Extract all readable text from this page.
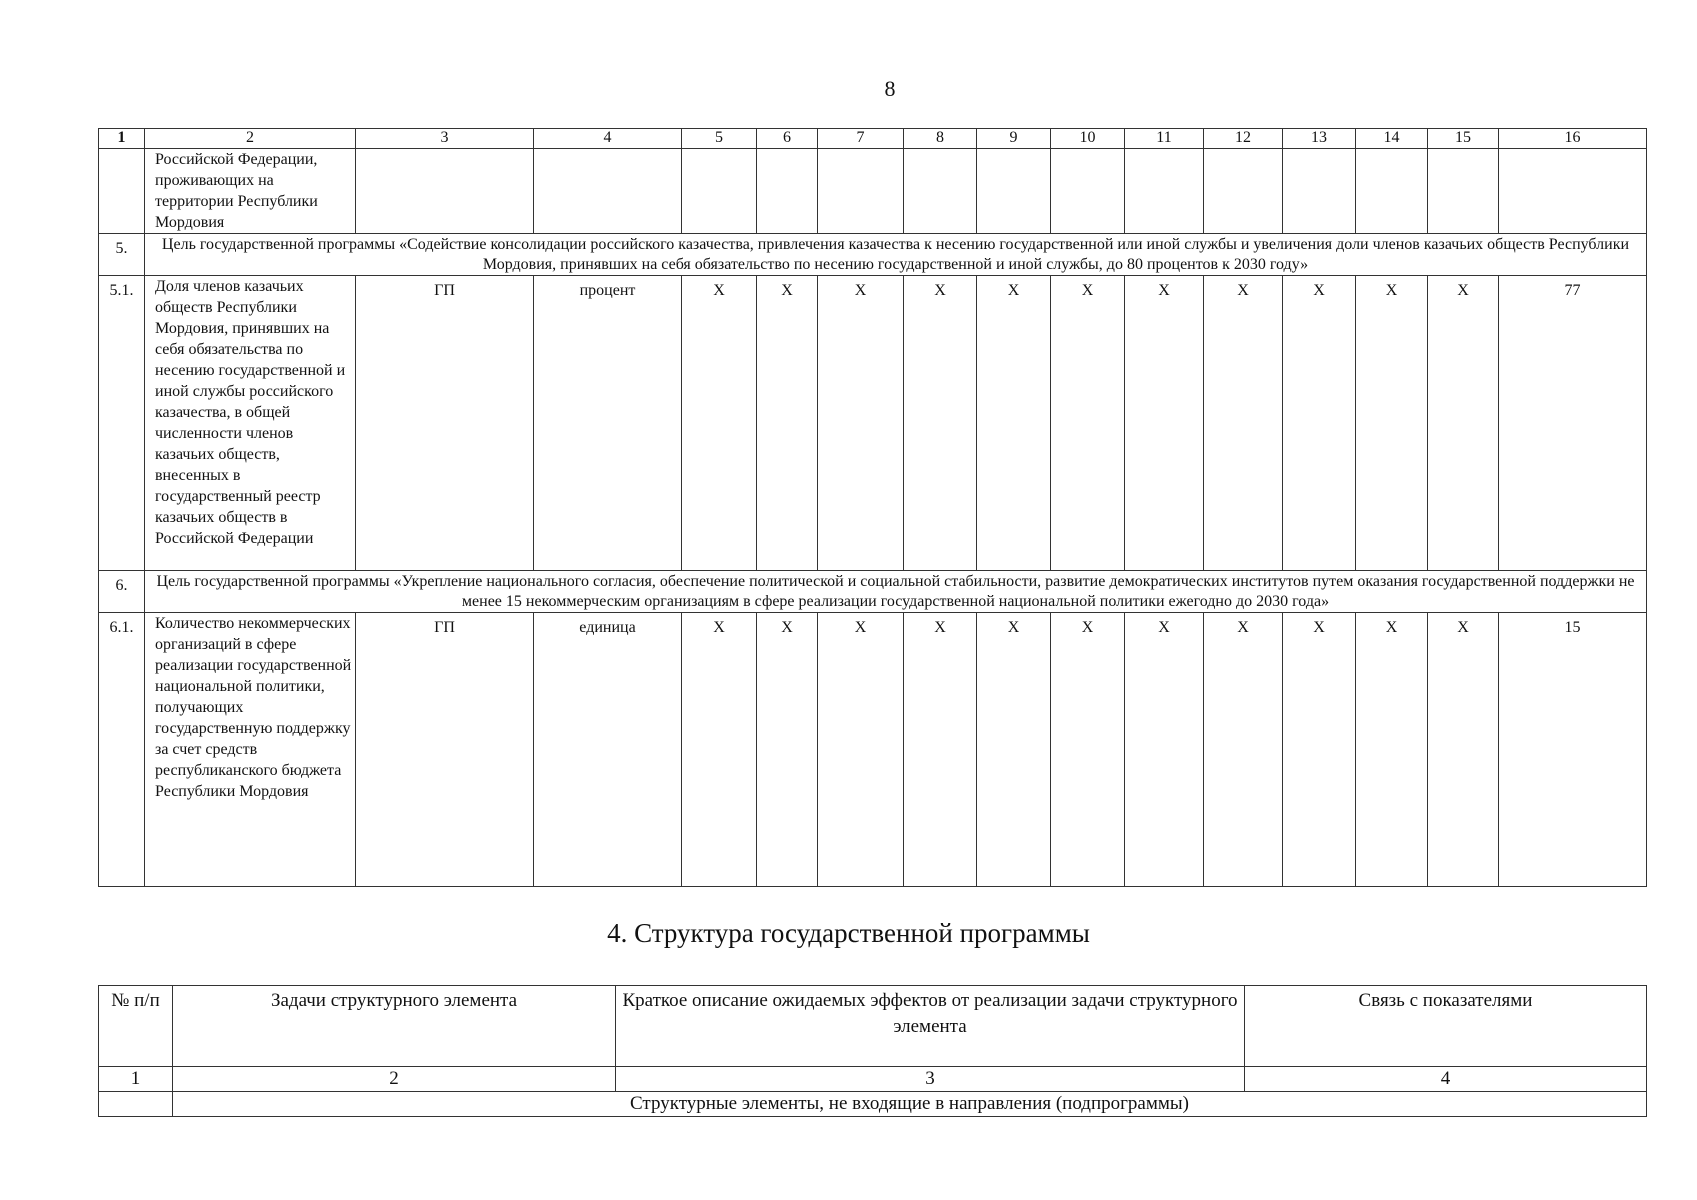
8
1	2	3	4	5	6	7	8	9	10	11	12	13	14	15	16
	Российской Федерации, проживающих на территории Республики Мордовия														
5.	Цель государственной программы «Содействие консолидации российского казачества, привлечения казачества к несению государственной или иной службы и увеличения доли членов казачьих обществ Республики Мордовия, принявших на себя обязательство по несению государственной и иной службы, до 80 процентов к 2030 году»														
5.1.	Доля членов казачьих обществ Республики Мордовия, принявших на себя обязательства по несению государственной и иной службы российского казачества, в общей численности членов казачьих обществ, внесенных в государственный реестр казачьих обществ в Российской Федерации	ГП	процент	Х	Х	Х	Х	Х	Х	Х	Х	Х	Х	Х	77
6.	Цель государственной программы «Укрепление национального согласия, обеспечение политической и социальной стабильности, развитие демократических институтов путем оказания государственной поддержки не менее 15 некоммерческим организациям в сфере реализации государственной национальной политики ежегодно до 2030 года»														
6.1.	Количество некоммерческих организаций в сфере реализации государственной национальной политики, получающих государственную поддержку за счет средств республиканского бюджета Республики Мордовия	ГП	единица	Х	Х	Х	Х	Х	Х	Х	Х	Х	Х	Х	15
4. Структура государственной программы
№ п/п	Задачи структурного элемента	Краткое описание ожидаемых эффектов от реализации задачи структурного элемента	Связь с показателями
1	2	3	4
	Структурные элементы, не входящие в направления (подпрограммы)		
